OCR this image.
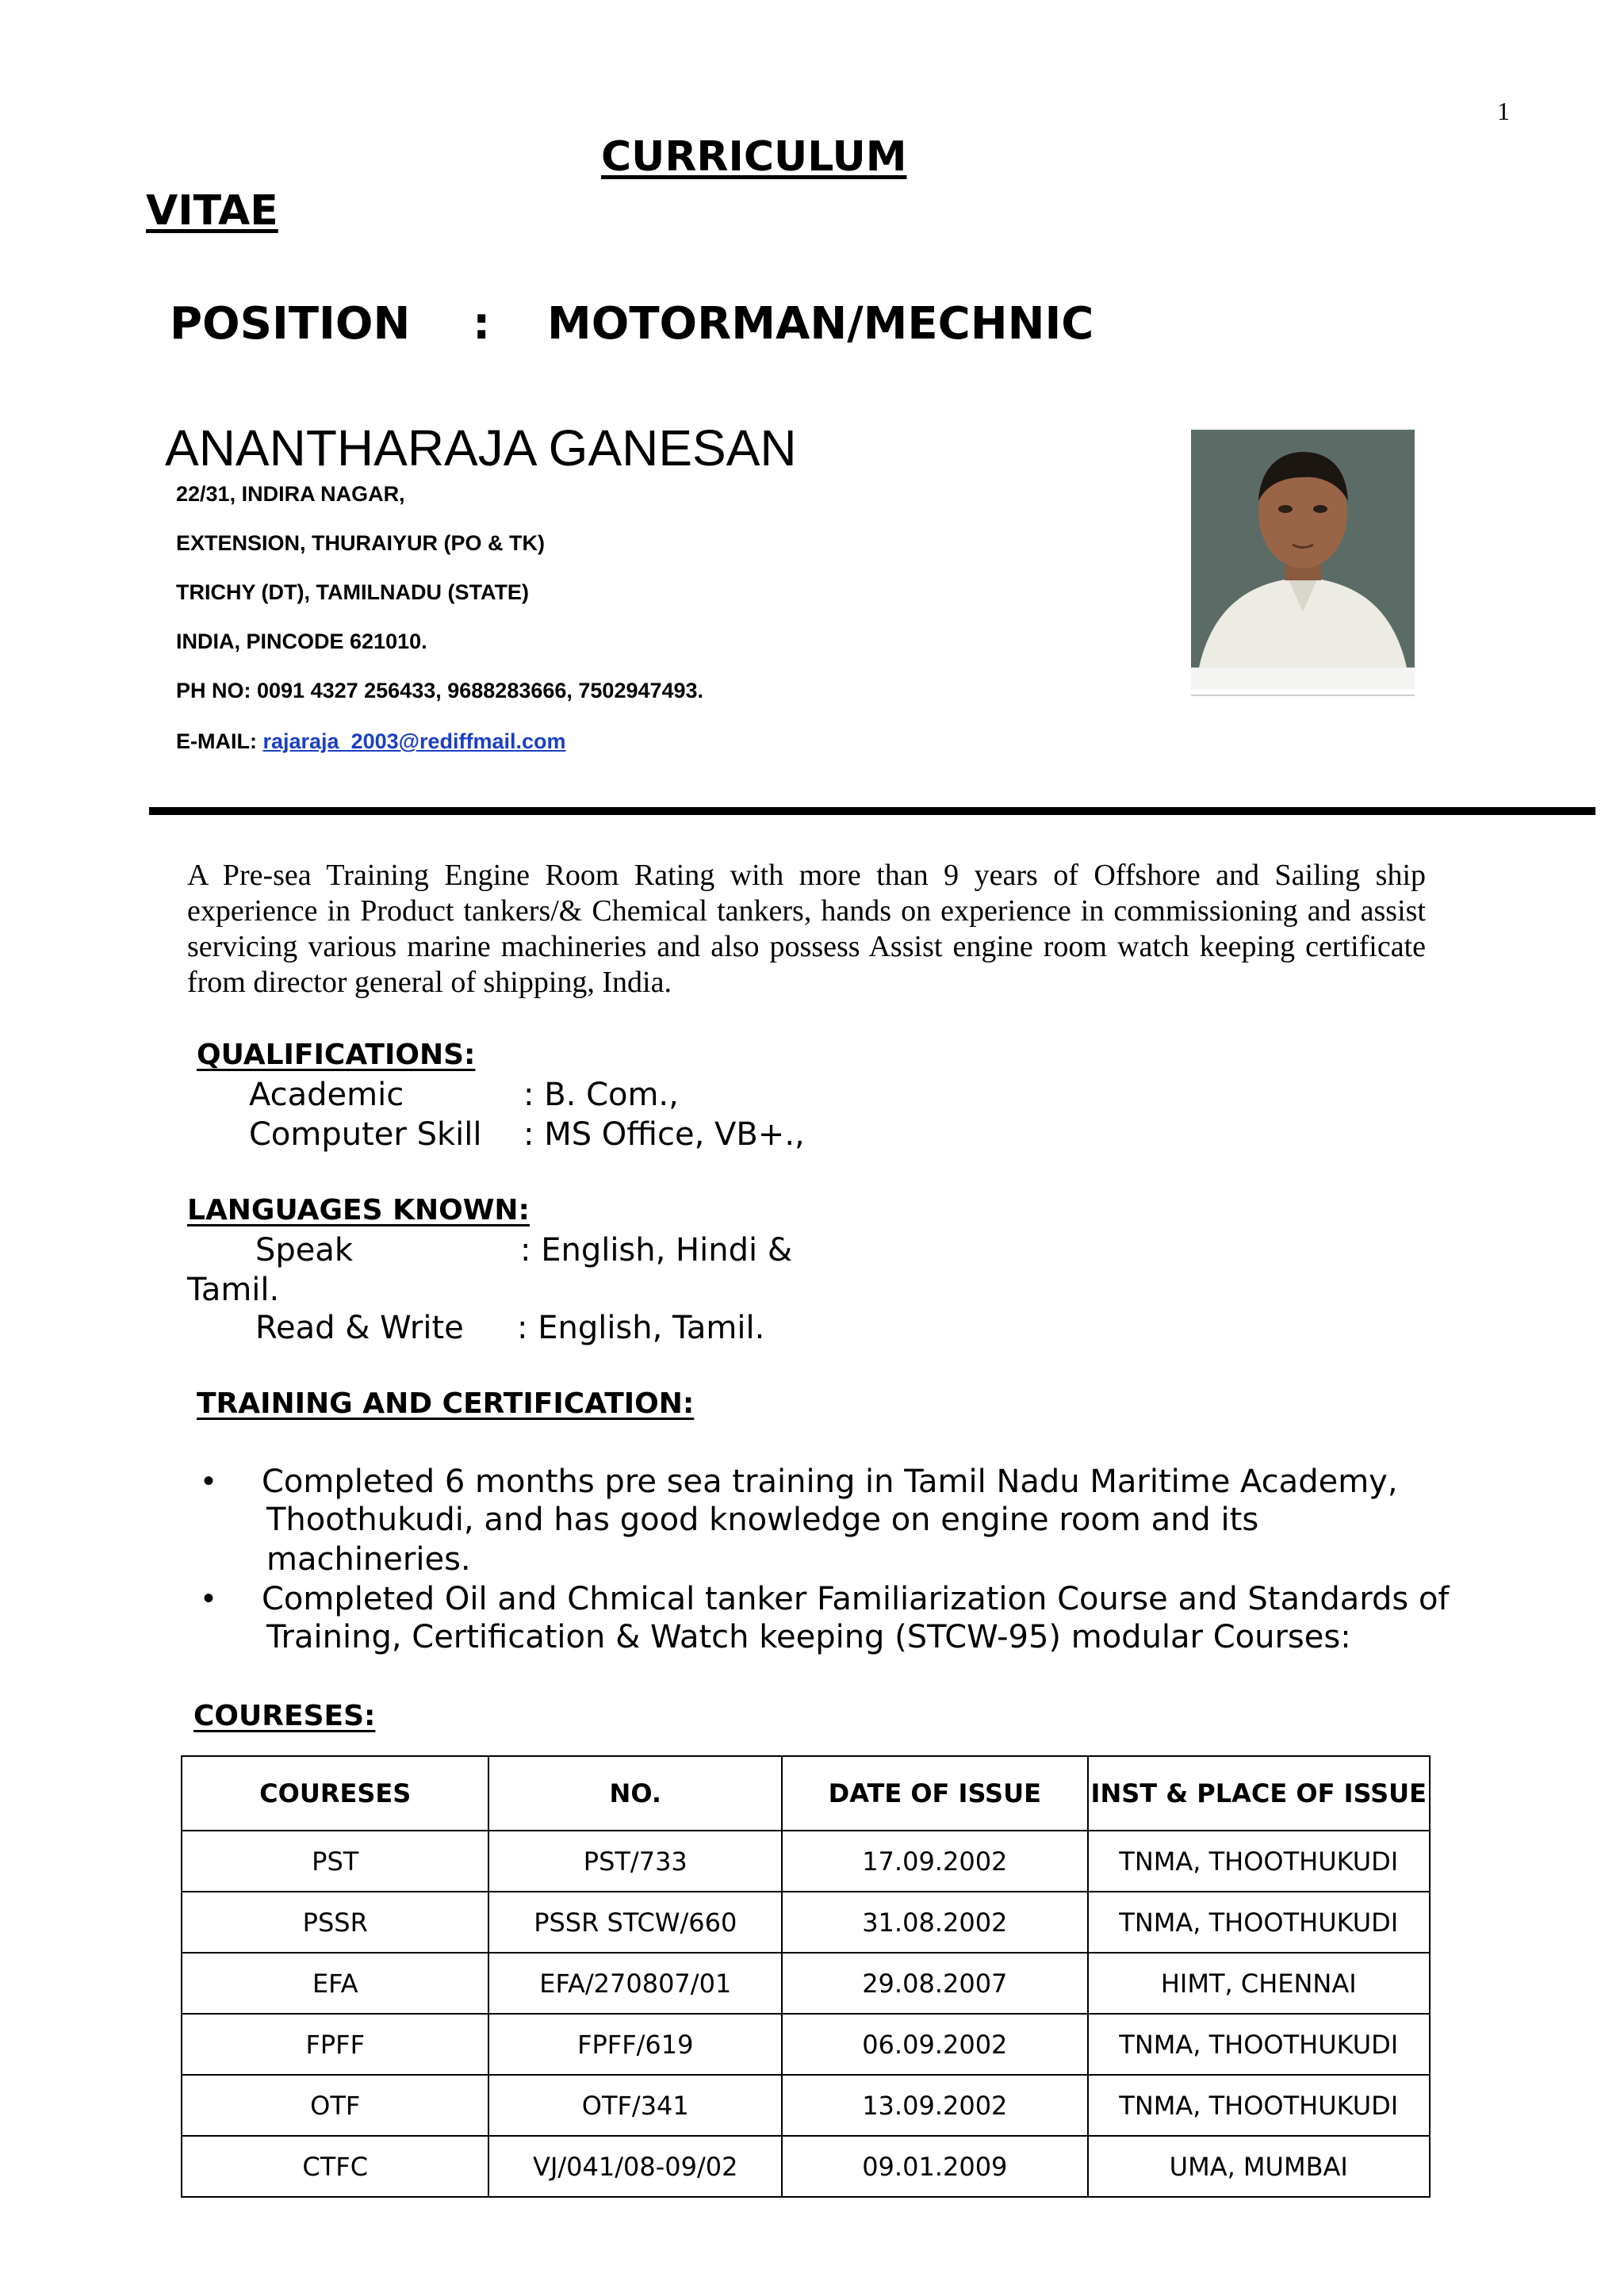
1
CURRICULUM
VITAE
POSITION : MOTORMAN/MECHNIC
ANANTHARAJA GANESAN
22/31, INDIRA NAGAR,
EXTENSION, THURAIYUR (PO & TK)
TRICHY (DT), TAMILNADU (STATE)
INDIA, PINCODE 621010.
PH NO: 0091 4327 256433, 9688283666, 7502947493.
E-MAIL: rajaraja_2003@rediffmail.com
A Pre-sea Training Engine Room Rating with more than 9 years of Offshore and Sailing ship experience in Product tankers/& Chemical tankers, hands on experience in commissioning and assist servicing various marine machineries and also possess Assist engine room watch keeping certificate from director general of shipping, India.
QUALIFICATIONS:
Academic	: B. Com.,
Computer Skill : MS Office, VB+.,
LANGUAGES KNOWN:
Speak	: English, Hindi &
Tamil.
Read & Write : English, Tamil.
TRAINING AND CERTIFICATION:
• Completed 6 months pre sea training in Tamil Nadu Maritime Academy,
Thoothukudi, and has good knowledge on engine room and its
machineries.
• Completed Oil and Chmical tanker Familiarization Course and Standards of
Training, Certification & Watch keeping (STCW-95) modular Courses:
COURESES:
COURESES	NO.	DATE OF ISSUE	INST & PLACE OF ISSUE
PST	PST/733	17.09.2002	TNMA, THOOTHUKUDI
PSSR	PSSR STCW/660	31.08.2002	TNMA, THOOTHUKUDI
EFA	EFA/270807/01	29.08.2007	HIMT, CHENNAI
FPFF	FPFF/619	06.09.2002	TNMA, THOOTHUKUDI
OTF	OTF/341	13.09.2002	TNMA, THOOTHUKUDI
CTFC	VJ/041/08-09/02	09.01.2009	UMA, MUMBAI
